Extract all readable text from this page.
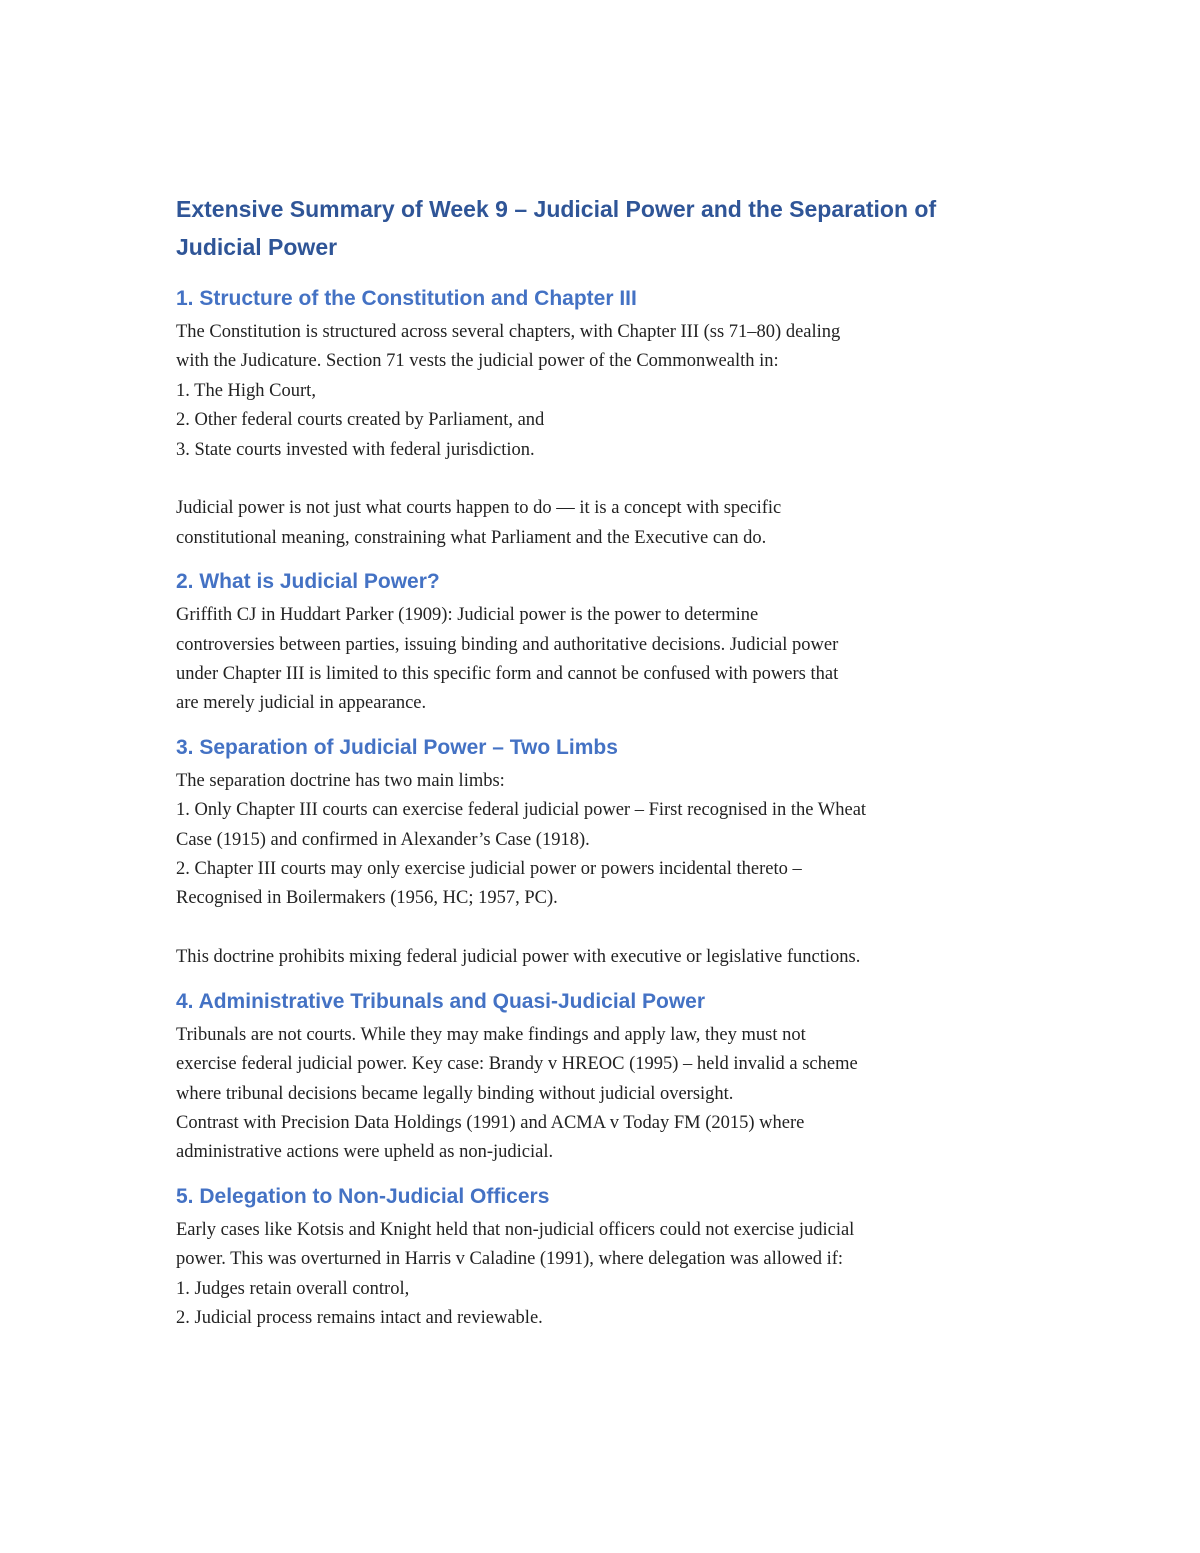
Extensive Summary of Week 9 – Judicial Power and the Separation of
Judicial Power
1. Structure of the Constitution and Chapter III

The Constitution is structured across several chapters, with Chapter III (ss 71–80) dealing
with the Judicature. Section 71 vests the judicial power of the Commonwealth in:
1. The High Court,
2. Other federal courts created by Parliament, and
3. State courts invested with federal jurisdiction.

Judicial power is not just what courts happen to do — it is a concept with specific
constitutional meaning, constraining what Parliament and the Executive can do.

2. What is Judicial Power?

Griffith CJ in Huddart Parker (1909): Judicial power is the power to determine
controversies between parties, issuing binding and authoritative decisions. Judicial power
under Chapter III is limited to this specific form and cannot be confused with powers that
are merely judicial in appearance.

3. Separation of Judicial Power – Two Limbs

The separation doctrine has two main limbs:
1. Only Chapter III courts can exercise federal judicial power – First recognised in the Wheat
Case (1915) and confirmed in Alexander’s Case (1918).
2. Chapter III courts may only exercise judicial power or powers incidental thereto –
Recognised in Boilermakers (1956, HC; 1957, PC).

This doctrine prohibits mixing federal judicial power with executive or legislative functions.

4. Administrative Tribunals and Quasi-Judicial Power

Tribunals are not courts. While they may make findings and apply law, they must not
exercise federal judicial power. Key case: Brandy v HREOC (1995) – held invalid a scheme
where tribunal decisions became legally binding without judicial oversight.
Contrast with Precision Data Holdings (1991) and ACMA v Today FM (2015) where
administrative actions were upheld as non-judicial.

5. Delegation to Non-Judicial Officers

Early cases like Kotsis and Knight held that non-judicial officers could not exercise judicial
power. This was overturned in Harris v Caladine (1991), where delegation was allowed if:
1. Judges retain overall control,
2. Judicial process remains intact and reviewable.
